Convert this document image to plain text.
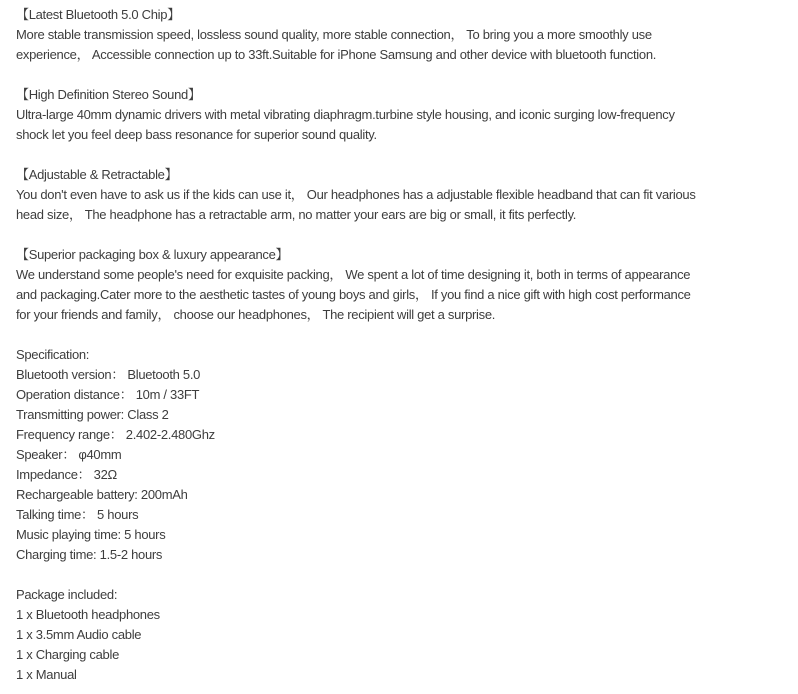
【Latest Bluetooth 5.0 Chip】
More stable transmission speed, lossless sound quality, more stable connection， To bring you a more smoothly use
experience， Accessible connection up to 33ft.Suitable for iPhone Samsung and other device with bluetooth function.
【High Definition Stereo Sound】
Ultra-large 40mm dynamic drivers with metal vibrating diaphragm.turbine style housing, and iconic surging low-frequency
shock let you feel deep bass resonance for superior sound quality.
【Adjustable & Retractable】
You don't even have to ask us if the kids can use it， Our headphones has a adjustable flexible headband that can fit various
head size， The headphone has a retractable arm, no matter your ears are big or small, it fits perfectly.
【Superior packaging box & luxury appearance】
We understand some people's need for exquisite packing， We spent a lot of time designing it, both in terms of appearance
and packaging.Cater more to the aesthetic tastes of young boys and girls， If you find a nice gift with high cost performance
for your friends and family， choose our headphones， The recipient will get a surprise.
Specification:
Bluetooth version： Bluetooth 5.0
Operation distance： 10m / 33FT
Transmitting power: Class 2
Frequency range： 2.402-2.480Ghz
Speaker： φ40mm
Impedance： 32Ω
Rechargeable battery: 200mAh
Talking time： 5 hours
Music playing time: 5 hours
Charging time: 1.5-2 hours
Package included:
1 x Bluetooth headphones
1 x 3.5mm Audio cable
1 x Charging cable
1 x Manual
